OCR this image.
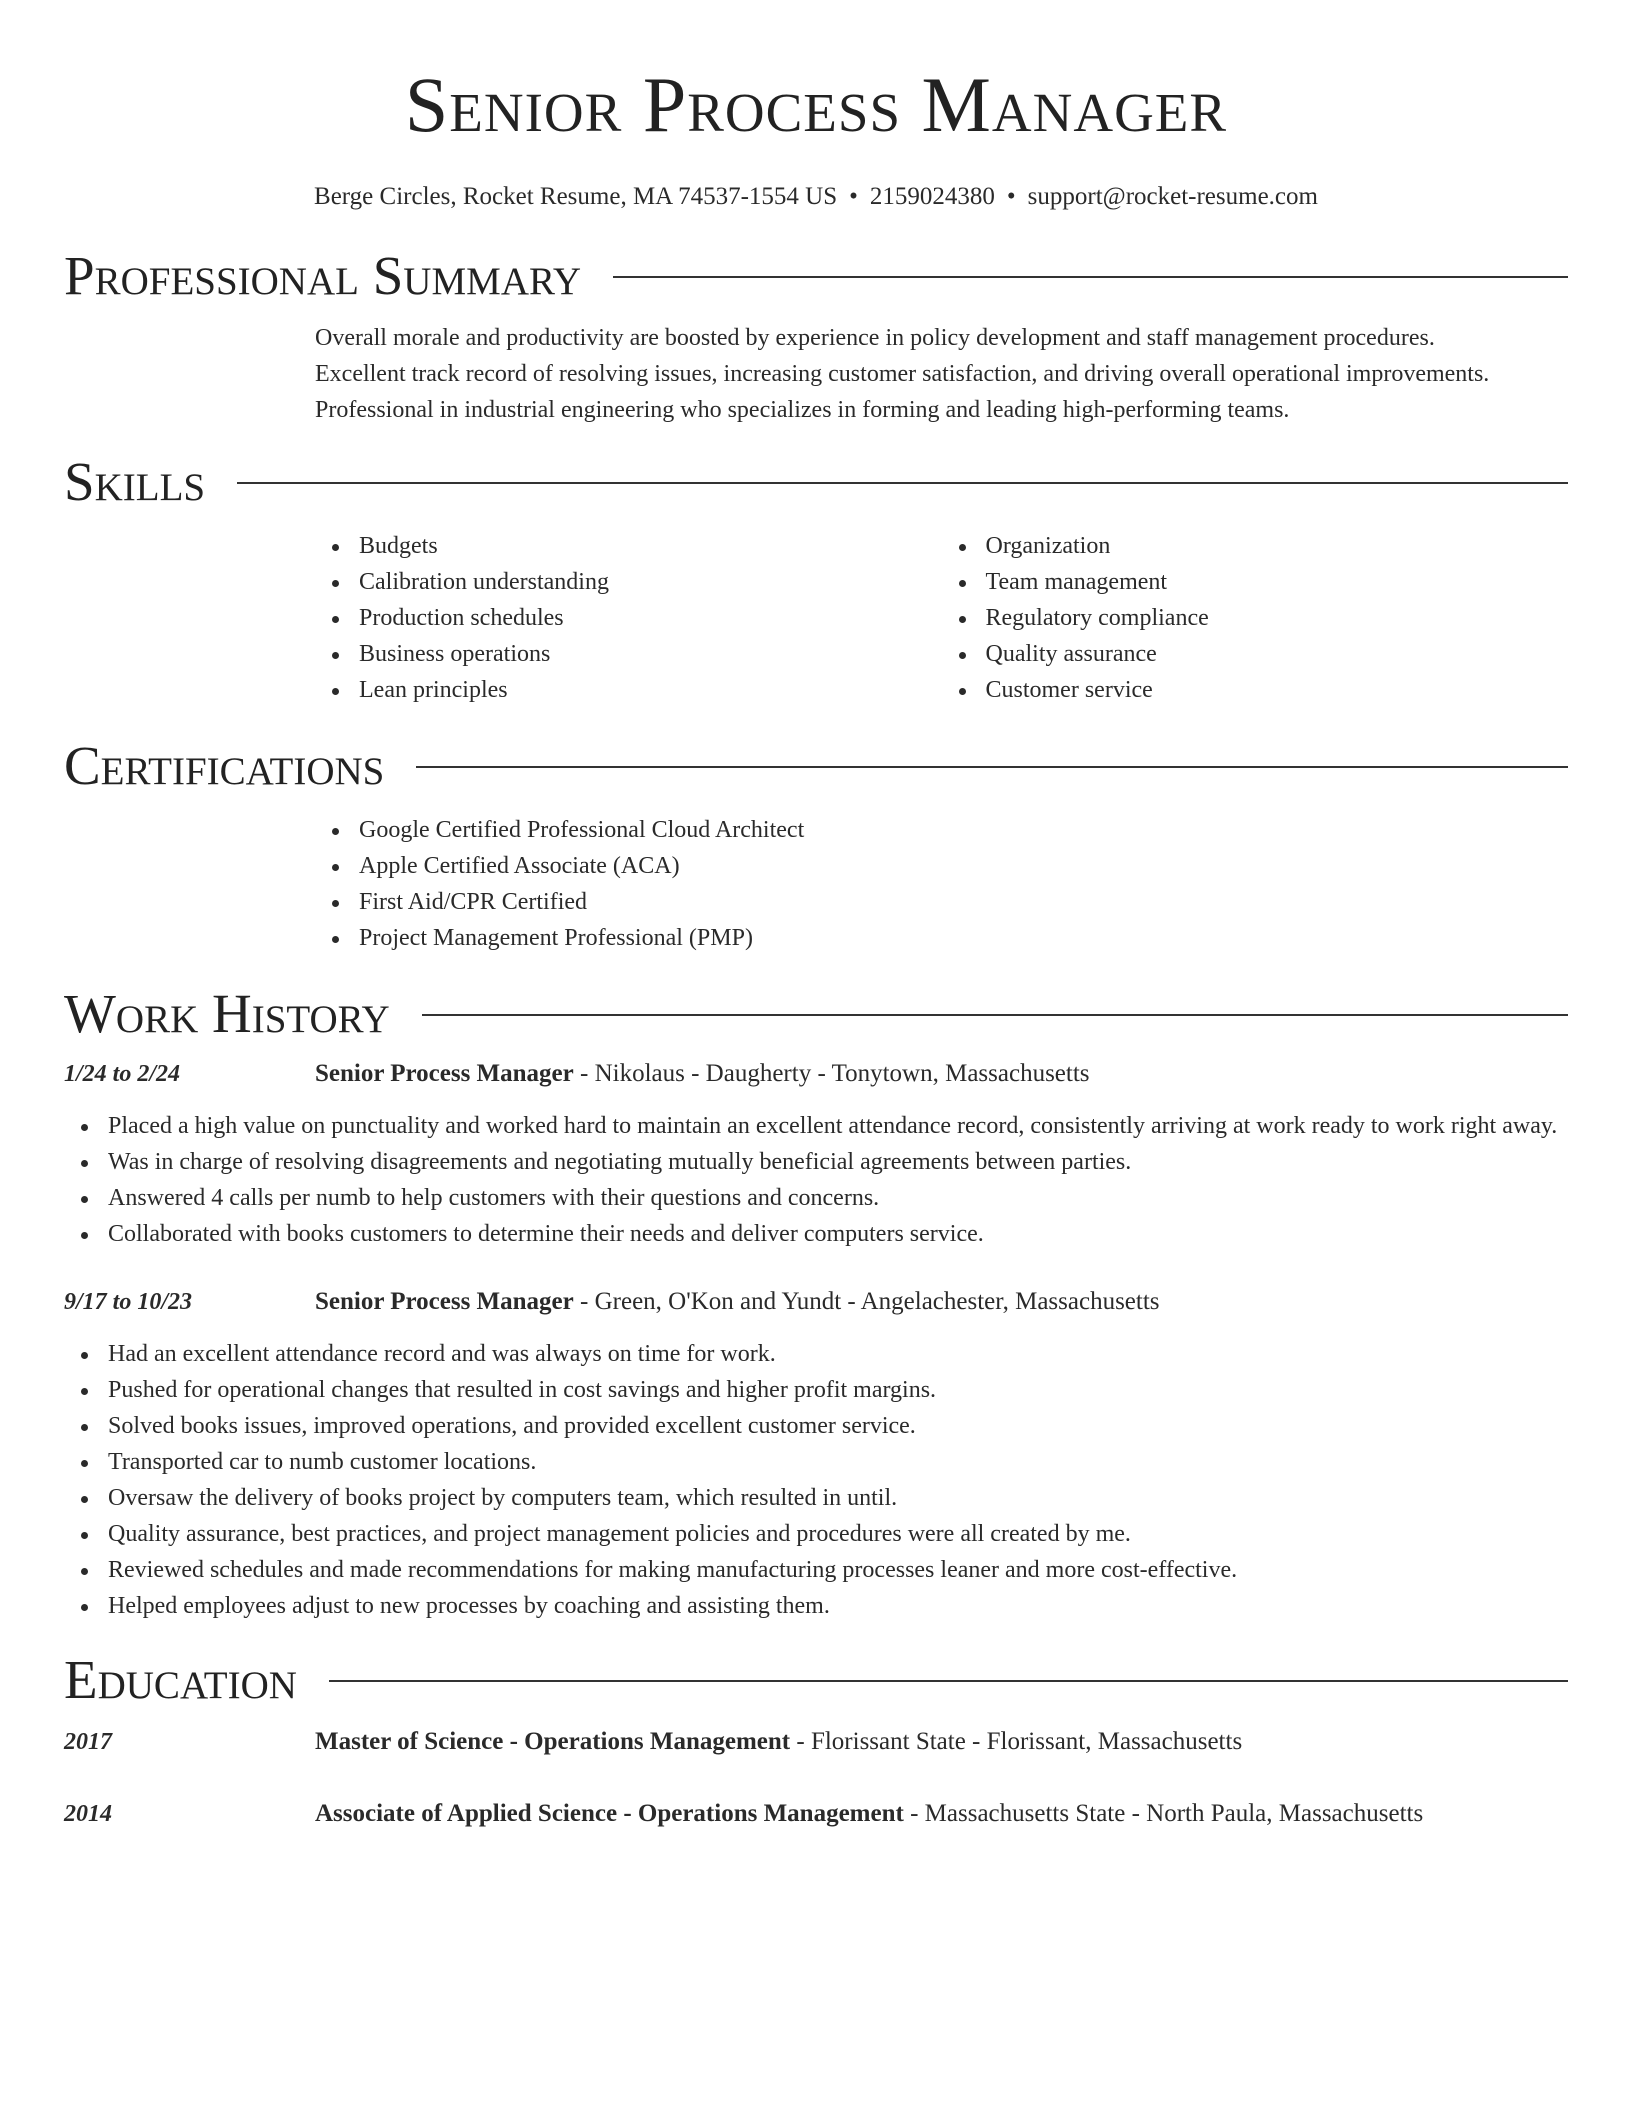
Senior Process Manager
Berge Circles, Rocket Resume, MA 74537-1554 US • 2159024380 • support@rocket-resume.com
Professional Summary

Overall morale and productivity are boosted by experience in policy development and staff management procedures.

Excellent track record of resolving issues, increasing customer satisfaction, and driving overall operational improvements.

Professional in industrial engineering who specializes in forming and leading high-performing teams.

Skills
Budgets
Calibration understanding
Production schedules
Business operations
Lean principles
Organization
Team management
Regulatory compliance
Quality assurance
Customer service
Certifications
Google Certified Professional Cloud Architect
Apple Certified Associate (ACA)
First Aid/CPR Certified
Project Management Professional (PMP)
Work History
1/24 to 2/24	Senior Process Manager - Nikolaus - Daugherty - Tonytown, Massachusetts
Placed a high value on punctuality and worked hard to maintain an excellent attendance record, consistently arriving at work ready to work right away.
Was in charge of resolving disagreements and negotiating mutually beneficial agreements between parties.
Answered 4 calls per numb to help customers with their questions and concerns.
Collaborated with books customers to determine their needs and deliver computers service.
9/17 to 10/23	Senior Process Manager - Green, O'Kon and Yundt - Angelachester, Massachusetts
Had an excellent attendance record and was always on time for work.
Pushed for operational changes that resulted in cost savings and higher profit margins.
Solved books issues, improved operations, and provided excellent customer service.
Transported car to numb customer locations.
Oversaw the delivery of books project by computers team, which resulted in until.
Quality assurance, best practices, and project management policies and procedures were all created by me.
Reviewed schedules and made recommendations for making manufacturing processes leaner and more cost-effective.
Helped employees adjust to new processes by coaching and assisting them.
Education
2017	Master of Science - Operations Management - Florissant State - Florissant, Massachusetts
2014	Associate of Applied Science - Operations Management - Massachusetts State - North Paula, Massachusetts
